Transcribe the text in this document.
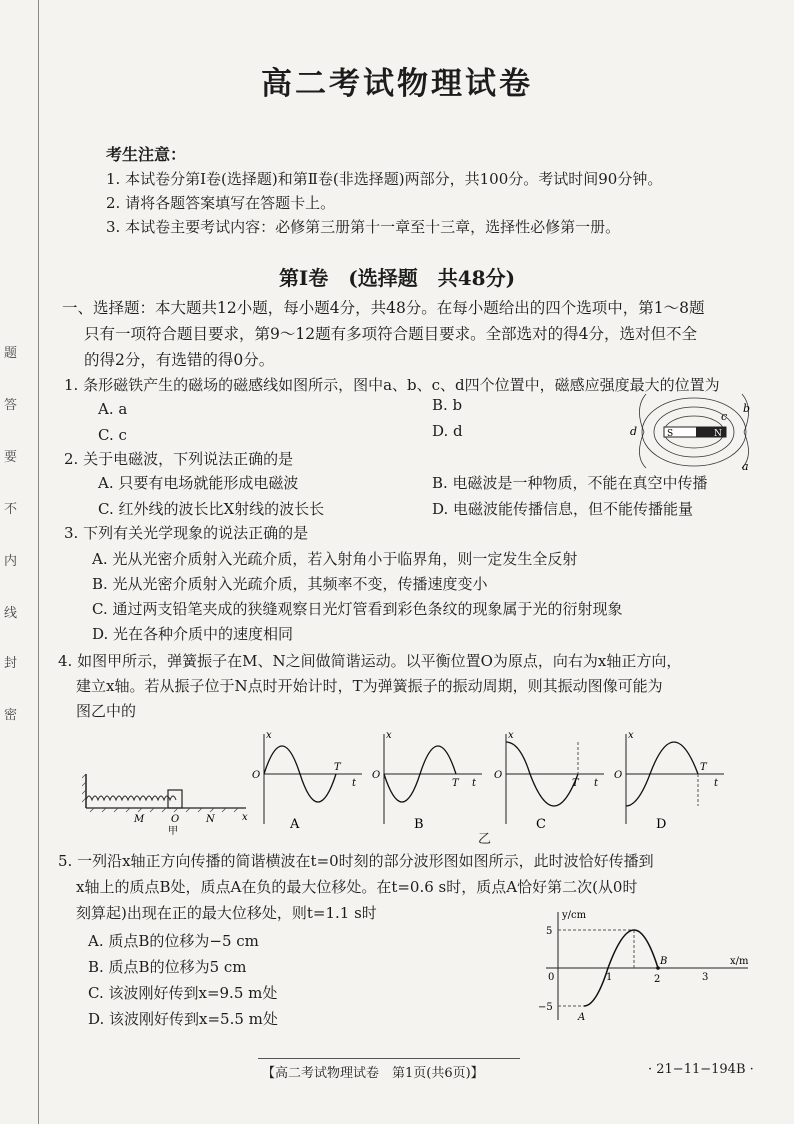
题
答
要
不
内
线
封
密
高二考试物理试卷
考生注意：
1. 本试卷分第Ⅰ卷(选择题)和第Ⅱ卷(非选择题)两部分，共100分。考试时间90分钟。
2. 请将各题答案填写在答题卡上。
3. 本试卷主要考试内容：必修第三册第十一章至十三章，选择性必修第一册。
第Ⅰ卷　(选择题　共48分)
一、选择题：本大题共12小题，每小题4分，共48分。在每小题给出的四个选项中，第1～8题
只有一项符合题目要求，第9～12题有多项符合题目要求。全部选对的得4分，选对但不全
的得2分，有选错的得0分。
1. 条形磁铁产生的磁场的磁感线如图所示，图中a、b、c、d四个位置中，磁感应强度最大的位置为
A. a	B. b
C. c	D. d	S	N
d
c
b
a
2. 关于电磁波，下列说法正确的是
A. 只要有电场就能形成电磁波	B. 电磁波是一种物质，不能在真空中传播
C. 红外线的波长比X射线的波长长	D. 电磁波能传播信息，但不能传播能量
3. 下列有关光学现象的说法正确的是
A. 光从光密介质射入光疏介质，若入射角小于临界角，则一定发生全反射
B. 光从光密介质射入光疏介质，其频率不变，传播速度变小
C. 通过两支铅笔夹成的狭缝观察日光灯管看到彩色条纹的现象属于光的衍射现象
D. 光在各种介质中的速度相同
4. 如图甲所示，弹簧振子在M、N之间做简谐运动。以平衡位置O为原点，向右为x轴正方向，
建立x轴。若从振子位于N点时开始计时，T为弹簧振子的振动周期，则其振动图像可能为
图乙中的
M	O	N	x
甲
x
O
T
t
A
x
O
T t
B
x
O
T t
C
x
O
T
t
D
乙
5. 一列沿x轴正方向传播的简谐横波在t=0时刻的部分波形图如图所示，此时波恰好传播到
x轴上的质点B处，质点A在负的最大位移处。在t=0.6 s时，质点A恰好第二次(从0时
刻算起)出现在正的最大位移处，则t=1.1 s时
A. 质点B的位移为−5 cm
B. 质点B的位移为5 cm
C. 该波刚好传到x=9.5 m处
D. 该波刚好传到x=5.5 m处
y/cm
x/m
5
−5
0	1	2	3
B
A
【高二考试物理试卷　第1页(共6页)】	· 21−11−194B ·
